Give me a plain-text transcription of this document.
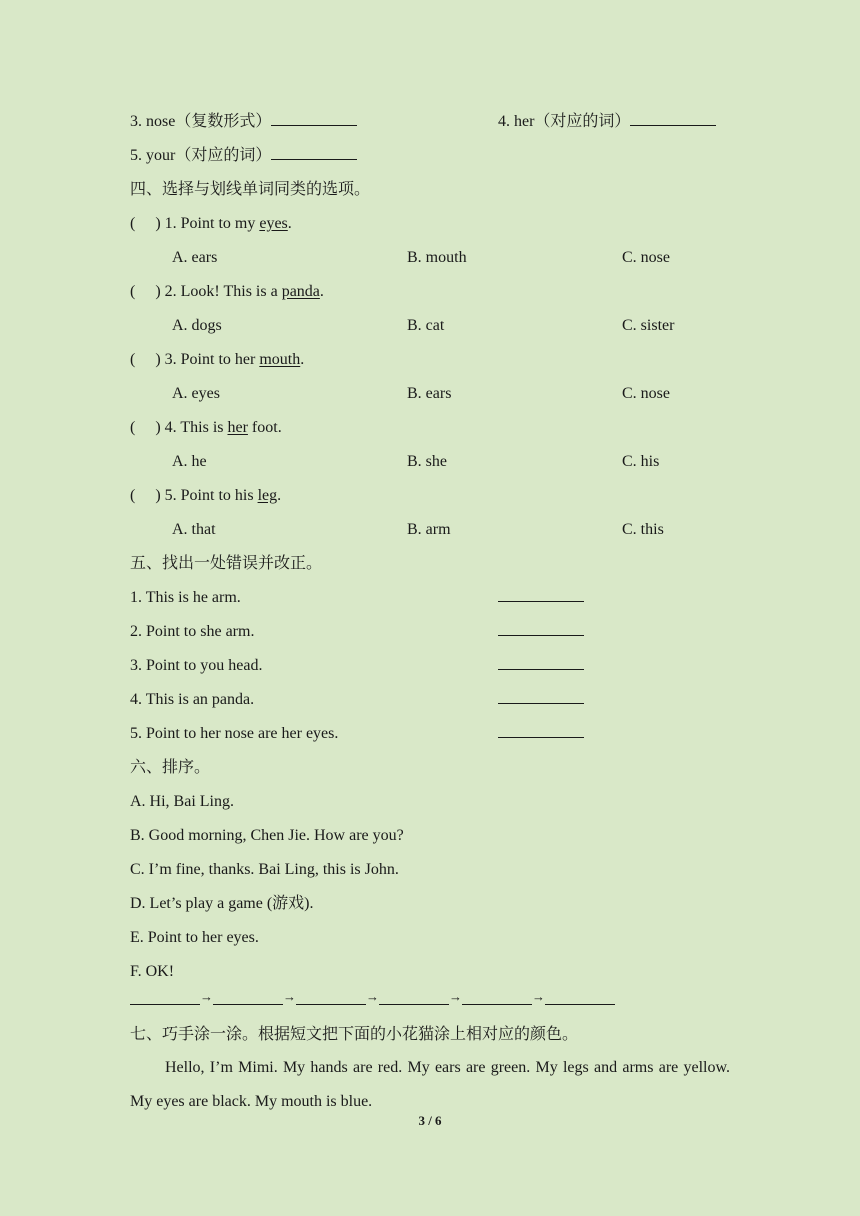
3. nose（复数形式）	4. her（对应的词）
5. your（对应的词）
四、选择与划线单词同类的选项。
(     ) 1. Point to my eyes.
A. ears	B. mouth	C. nose
(     ) 2. Look! This is a panda.
A. dogs	B. cat	C. sister
(     ) 3. Point to her mouth.
A. eyes	B. ears	C. nose
(     ) 4. This is her foot.
A. he	B. she	C. his
(     ) 5. Point to his leg.
A. that	B. arm	C. this
五、找出一处错误并改正。
1. This is he arm.
2. Point to she arm.
3. Point to you head.
4. This is an panda.
5. Point to her nose are her eyes.
六、排序。
A. Hi, Bai Ling.
B. Good morning, Chen Jie. How are you?
C. I’m fine, thanks. Bai Ling, this is John.
D. Let’s play a game (游戏).
E. Point to her eyes.
F. OK!
→	→	→	→	→
七、巧手涂一涂。根据短文把下面的小花猫涂上相对应的颜色。
Hello, I’m Mimi. My hands are red. My ears are green. My legs and arms are yellow. My eyes are black. My mouth is blue.
3 / 6
